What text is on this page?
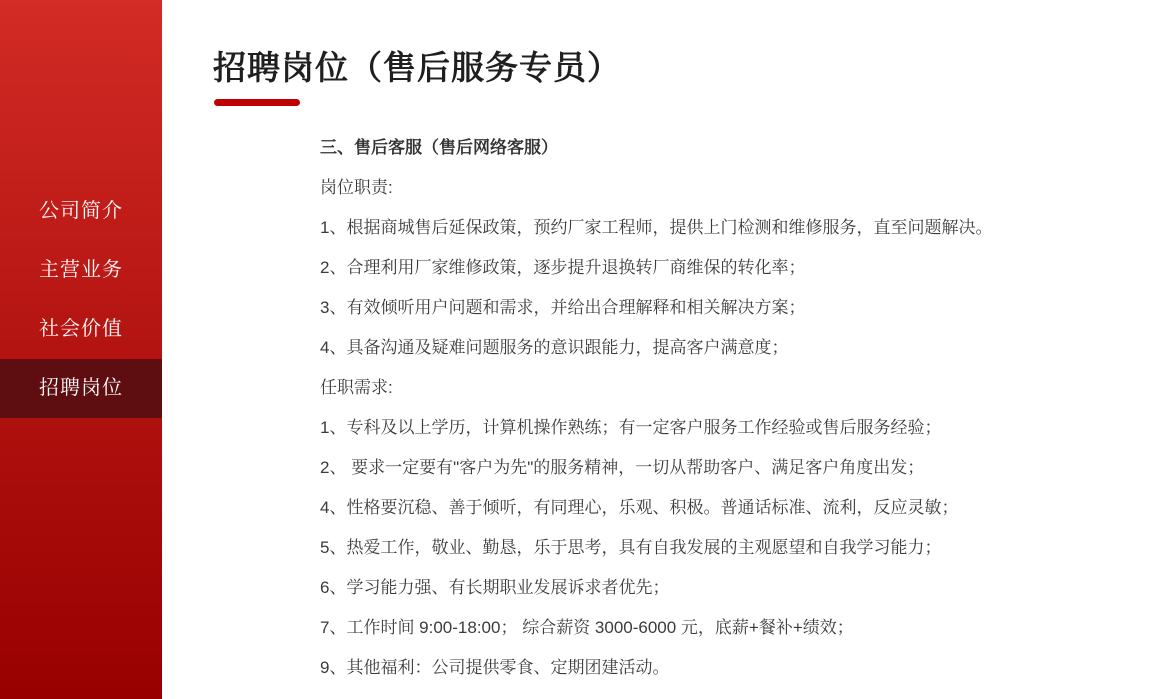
公司简介
主营业务
社会价值
招聘岗位
招聘岗位（售后服务专员）
三、售后客服（售后网络客服）
岗位职责:
1、根据商城售后延保政策，预约厂家工程师，提供上门检测和维修服务，直至问题解决。
2、合理利用厂家维修政策，逐步提升退换转厂商维保的转化率；
3、有效倾听用户问题和需求，并给出合理解释和相关解决方案；
4、具备沟通及疑难问题服务的意识跟能力，提高客户满意度；
任职需求:
1、专科及以上学历，计算机操作熟练；有一定客户服务工作经验或售后服务经验；
2、 要求一定要有"客户为先"的服务精神，一切从帮助客户、满足客户角度出发；
4、性格要沉稳、善于倾听，有同理心，乐观、积极。普通话标准、流利，反应灵敏；
5、热爱工作，敬业、勤恳，乐于思考，具有自我发展的主观愿望和自我学习能力；
6、学习能力强、有长期职业发展诉求者优先；
7、工作时间 9:00-18:00； 综合薪资 3000-6000 元，底薪+餐补+绩效；
9、其他福利：公司提供零食、定期团建活动。
